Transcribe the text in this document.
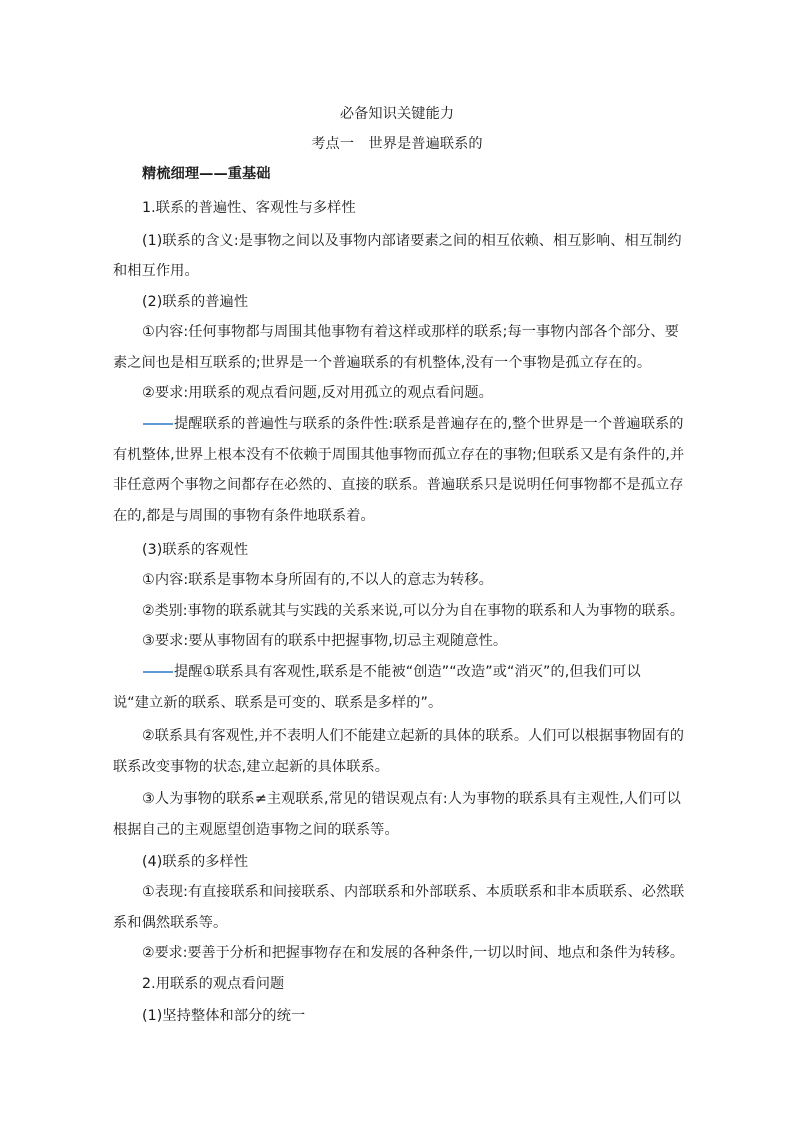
必备知识关键能力
考点一　世界是普遍联系的
精梳细理——重基础
1.联系的普遍性、客观性与多样性
(1)联系的含义:是事物之间以及事物内部诸要素之间的相互依赖、相互影响、相互制约
和相互作用。
(2)联系的普遍性
①内容:任何事物都与周围其他事物有着这样或那样的联系;每一事物内部各个部分、要
素之间也是相互联系的;世界是一个普遍联系的有机整体,没有一个事物是孤立存在的。
②要求:用联系的观点看问题,反对用孤立的观点看问题。
提醒联系的普遍性与联系的条件性:联系是普遍存在的,整个世界是一个普遍联系的
有机整体,世界上根本没有不依赖于周围其他事物而孤立存在的事物;但联系又是有条件的,并
非任意两个事物之间都存在必然的、直接的联系。普遍联系只是说明任何事物都不是孤立存
在的,都是与周围的事物有条件地联系着。
(3)联系的客观性
①内容:联系是事物本身所固有的,不以人的意志为转移。
②类别:事物的联系就其与实践的关系来说,可以分为自在事物的联系和人为事物的联系。
③要求:要从事物固有的联系中把握事物,切忌主观随意性。
提醒①联系具有客观性,联系是不能被“创造”“改造”或“消灭”的,但我们可以
说“建立新的联系、联系是可变的、联系是多样的”。
②联系具有客观性,并不表明人们不能建立起新的具体的联系。人们可以根据事物固有的
联系改变事物的状态,建立起新的具体联系。
③人为事物的联系≠主观联系,常见的错误观点有:人为事物的联系具有主观性,人们可以
根据自己的主观愿望创造事物之间的联系等。
(4)联系的多样性
①表现:有直接联系和间接联系、内部联系和外部联系、本质联系和非本质联系、必然联
系和偶然联系等。
②要求:要善于分析和把握事物存在和发展的各种条件,一切以时间、地点和条件为转移。
2.用联系的观点看问题
(1)坚持整体和部分的统一
